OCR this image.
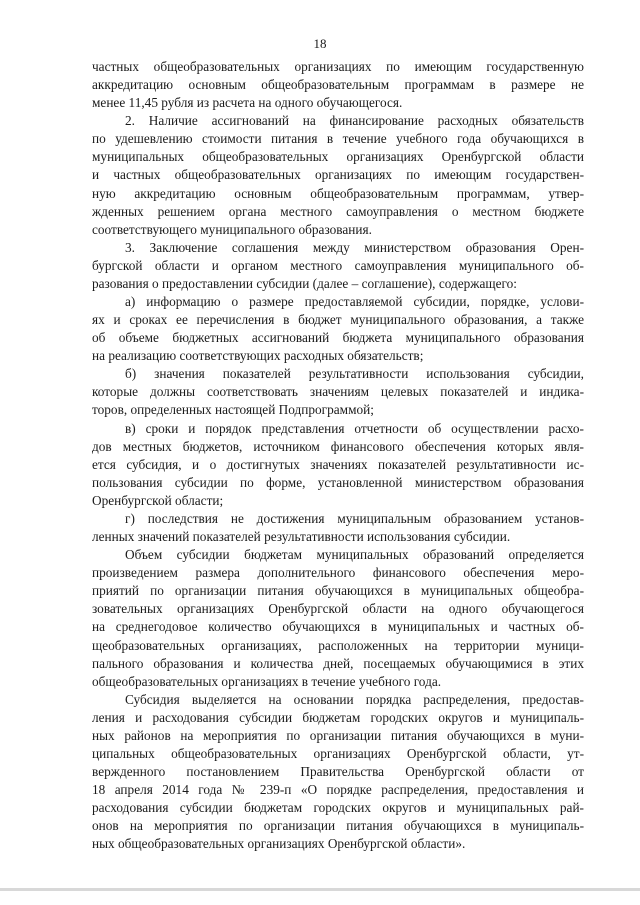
18
частных общеобразовательных организациях по имеющим государственную
аккредитацию основным общеобразовательным программам в размере не
менее 11,45 рубля из расчета на одного обучающегося.
2. Наличие ассигнований на финансирование расходных обязательств
по удешевлению стоимости питания в течение учебного года обучающихся в
муниципальных общеобразовательных организациях Оренбургской области
и частных общеобразовательных организациях по имеющим государствен-
ную аккредитацию основным общеобразовательным программам, утвер-
жденных решением органа местного самоуправления о местном бюджете
соответствующего муниципального образования.
3. Заключение соглашения между министерством образования Орен-
бургской области и органом местного самоуправления муниципального об-
разования о предоставлении субсидии (далее – соглашение), содержащего:
а) информацию о размере предоставляемой субсидии, порядке, услови-
ях и сроках ее перечисления в бюджет муниципального образования, а также
об объеме бюджетных ассигнований бюджета муниципального образования
на реализацию соответствующих расходных обязательств;
б) значения показателей результативности использования субсидии,
которые должны соответствовать значениям целевых показателей и индика-
торов, определенных настоящей Подпрограммой;
в) сроки и порядок представления отчетности об осуществлении расхо-
дов местных бюджетов, источником финансового обеспечения которых явля-
ется субсидия, и о достигнутых значениях показателей результативности ис-
пользования субсидии по форме, установленной министерством образования
Оренбургской области;
г) последствия не достижения муниципальным образованием установ-
ленных значений показателей результативности использования субсидии.
Объем субсидии бюджетам муниципальных образований определяется
произведением размера дополнительного финансового обеспечения меро-
приятий по организации питания обучающихся в муниципальных общеобра-
зовательных организациях Оренбургской области на одного обучающегося
на среднегодовое количество обучающихся в муниципальных и частных об-
щеобразовательных организациях, расположенных на территории муници-
пального образования и количества дней, посещаемых обучающимися в этих
общеобразовательных организациях в течение учебного года.
Субсидия выделяется на основании порядка распределения, предостав-
ления и расходования субсидии бюджетам городских округов и муниципаль-
ных районов на мероприятия по организации питания обучающихся в муни-
ципальных общеобразовательных организациях Оренбургской области, ут-
вержденного постановлением Правительства Оренбургской области от
18 апреля 2014 года № 239-п «О порядке распределения, предоставления и
расходования субсидии бюджетам городских округов и муниципальных рай-
онов на мероприятия по организации питания обучающихся в муниципаль-
ных общеобразовательных организациях Оренбургской области».
